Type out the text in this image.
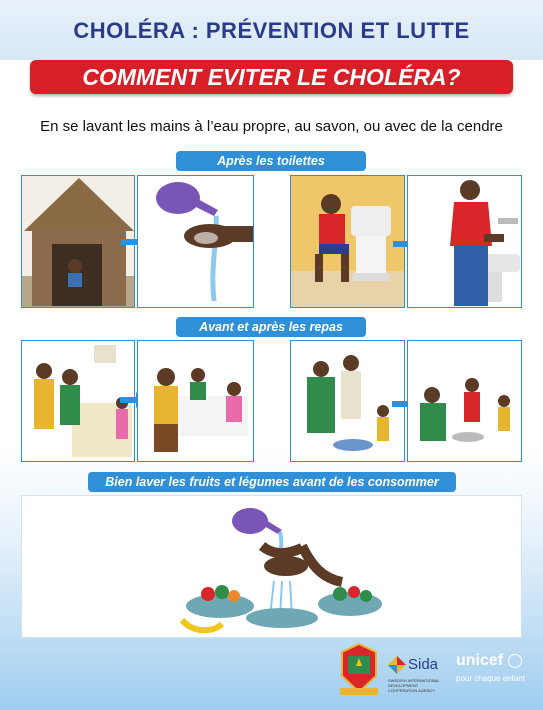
CHOLÉRA : PRÉVENTION ET LUTTE
COMMENT EVITER LE CHOLÉRA?
En se lavant les mains à l’eau propre, au savon, ou avec de la cendre
Après les toilettes
Avant et après les repas
Bien laver les fruits et légumes avant de les consommer
Sida
SWEDISH INTERNATIONAL DEVELOPMENT COOPERATION AGENCY
unicef
pour chaque enfant
